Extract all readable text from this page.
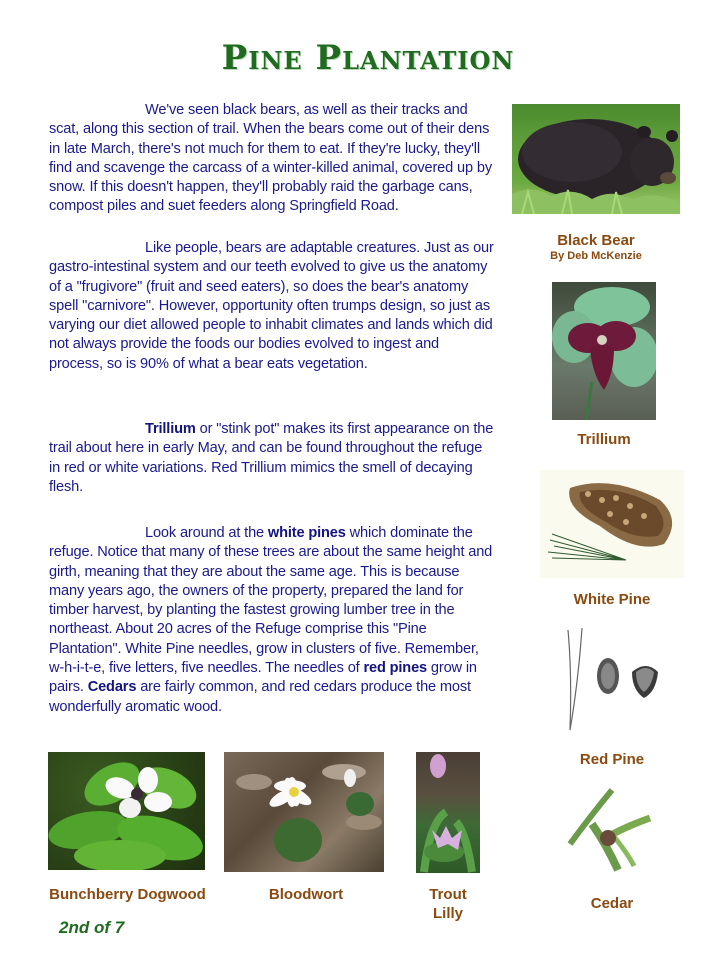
Pine Plantation
We've seen black bears, as well as their tracks and scat, along this section of trail. When the bears come out of their dens in late March, there's not much for them to eat. If they're lucky, they'll find and scavenge the carcass of a winter-killed animal, covered up by snow. If this doesn't happen, they'll probably raid the garbage cans, compost piles and suet feeders along Springfield Road.
Like people, bears are adaptable creatures. Just as our gastro-intestinal system and our teeth evolved to give us the anatomy of a "frugivore" (fruit and seed eaters), so does the bear's anatomy spell "carnivore". However, opportunity often trumps design, so just as varying our diet allowed people to inhabit climates and lands which did not always provide the foods our bodies evolved to ingest and process, so is 90% of what a bear eats vegetation.
Trillium or "stink pot" makes its first appearance on the trail about here in early May, and can be found throughout the refuge in red or white variations. Red Trillium mimics the smell of decaying flesh.
Look around at the white pines which dominate the refuge. Notice that many of these trees are about the same height and girth, meaning that they are about the same age. This is because many years ago, the owners of the property, prepared the land for timber harvest, by planting the fastest growing lumber tree in the northeast. About 20 acres of the Refuge comprise this "Pine Plantation". White Pine needles, grow in clusters of five. Remember, w-h-i-t-e, five letters, five needles. The needles of red pines grow in pairs. Cedars are fairly common, and red cedars produce the most wonderfully aromatic wood.
Black Bear
By Deb McKenzie
Trillium
White Pine
Red Pine
Cedar
Bunchberry Dogwood	Bloodwort	Trout
Lilly
2nd of 7
